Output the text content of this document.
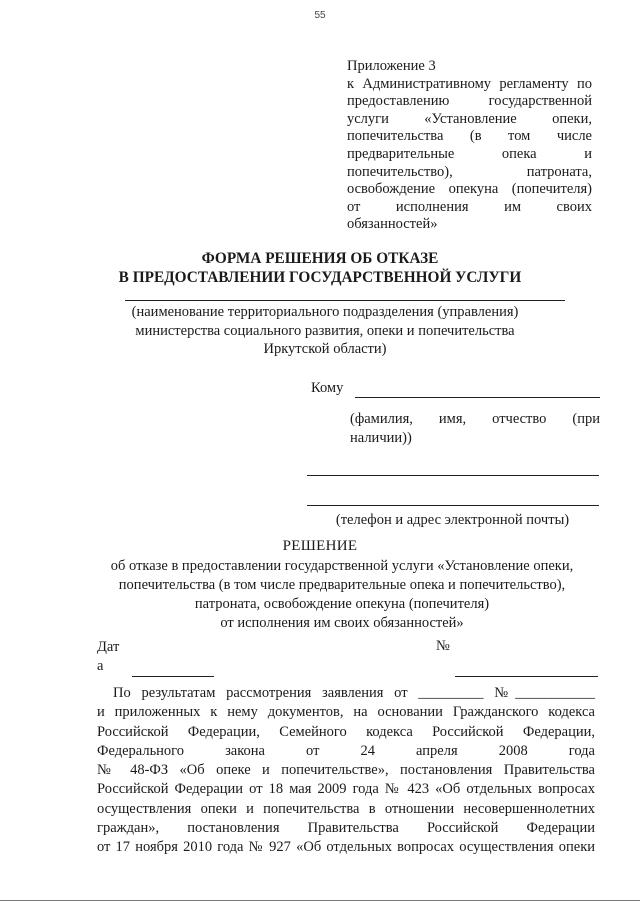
55
Приложение 3
к Административному регламенту по
предоставлению государственной
услуги «Установление опеки,
попечительства (в том числе
предварительные опека и
попечительство), патроната,
освобождение опекуна (попечителя)
от исполнения им своих
обязанностей»
ФОРМА РЕШЕНИЯ ОБ ОТКАЗЕ
В ПРЕДОСТАВЛЕНИИ ГОСУДАРСТВЕННОЙ УСЛУГИ
(наименование территориального подразделения (управления)
министерства социального развития, опеки и попечительства
Иркутской области)
Кому
(фамилия, имя, отчество (при
наличии))
(телефон и адрес электронной почты)
РЕШЕНИЕ
об отказе в предоставлении государственной услуги «Установление опеки,
попечительства (в том числе предварительные опека и попечительство),
патроната, освобождение опекуна (попечителя)
от исполнения им своих обязанностей»
Дат
а
№
По результатам рассмотрения заявления от _________ №___________
и приложенных к нему документов, на основании Гражданского кодекса
Российской Федерации, Семейного кодекса Российской Федерации,
Федерального закона от 24 апреля 2008 года
№ 48-ФЗ «Об опеке и попечительстве», постановления Правительства
Российской Федерации от 18 мая 2009 года № 423 «Об отдельных вопросах
осуществления опеки и попечительства в отношении несовершеннолетних
граждан», постановления Правительства Российской Федерации
от 17 ноября 2010 года № 927 «Об отдельных вопросах осуществления опеки
